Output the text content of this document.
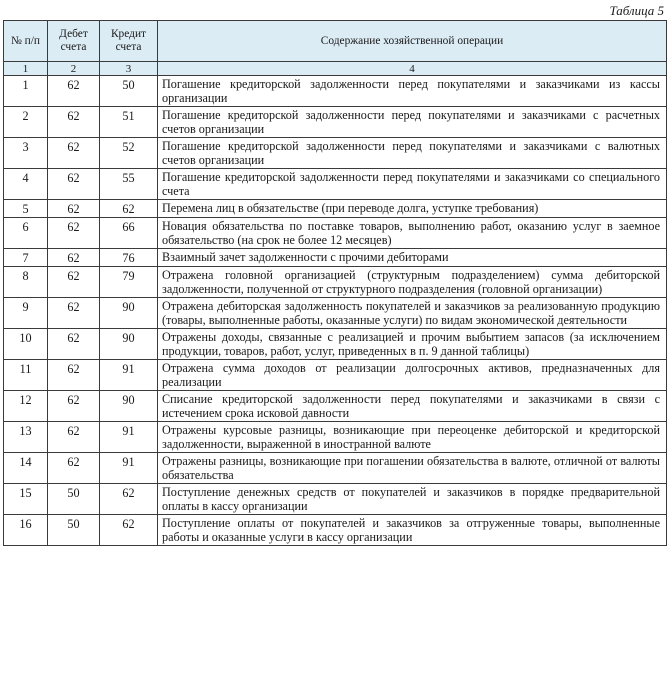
Таблица 5
№ п/п	Дебет счета	Кредит счета	Содержание хозяйственной операции
1	2	3	4
1	62	50	Погашение кредиторской задолженности перед покупателями и заказчиками из кассы организации
2	62	51	Погашение кредиторской задолженности перед покупателями и заказчиками с расчетных счетов организации
3	62	52	Погашение кредиторской задолженности перед покупателями и заказчиками с валютных счетов организации
4	62	55	Погашение кредиторской задолженности перед покупателями и заказчиками со специального счета
5	62	62	Перемена лиц в обязательстве (при переводе долга, уступке требования)
6	62	66	Новация обязательства по поставке товаров, выполнению работ, оказанию услуг в заемное обязательство (на срок не более 12 месяцев)
7	62	76	Взаимный зачет задолженности с прочими дебиторами
8	62	79	Отражена головной организацией (структурным подразделением) сумма дебиторской задолженности, полученной от структурного подразделения (головной организации)
9	62	90	Отражена дебиторская задолженность покупателей и заказчиков за реализованную продукцию (товары, выполненные работы, оказанные услуги) по видам экономической деятельности
10	62	90	Отражены доходы, связанные с реализацией и прочим выбытием запасов (за исключением продукции, товаров, работ, услуг, приведенных в п. 9 данной таблицы)
11	62	91	Отражена сумма доходов от реализации долгосрочных активов, предназначенных для реализации
12	62	90	Списание кредиторской задолженности перед покупателями и заказчиками в связи с истечением срока исковой давности
13	62	91	Отражены курсовые разницы, возникающие при переоценке дебиторской и кредиторской задолженности, выраженной в иностранной валюте
14	62	91	Отражены разницы, возникающие при погашении обязательства в валюте, отличной от валюты обязательства
15	50	62	Поступление денежных средств от покупателей и заказчиков в порядке предварительной оплаты в кассу организации
16	50	62	Поступление оплаты от покупателей и заказчиков за отгруженные товары, выполненные работы и оказанные услуги в кассу организации
